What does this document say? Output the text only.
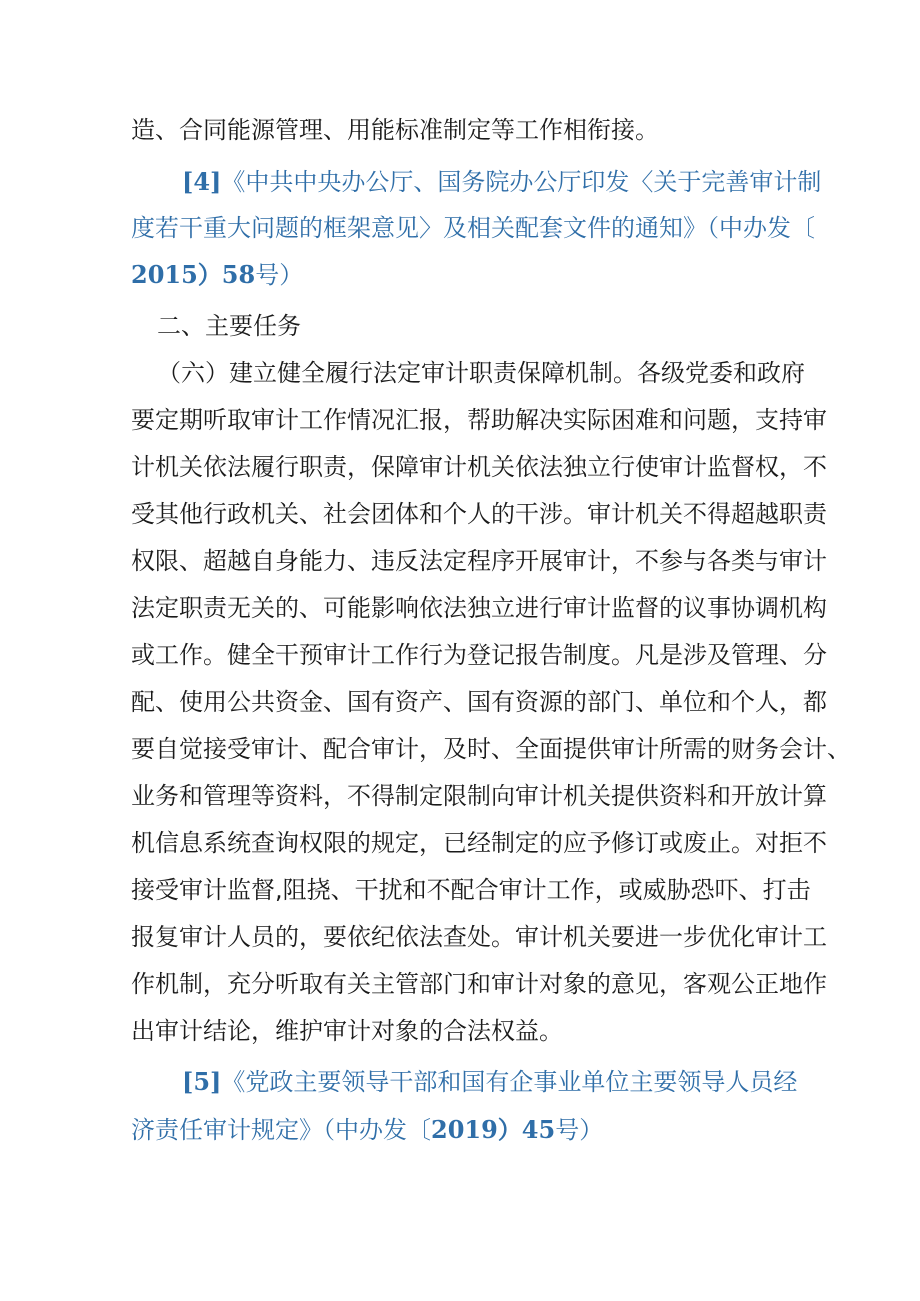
造、合同能源管理、用能标准制定等工作相衔接。
[4]《中共中央办公厅、国务院办公厅印发〈关于完善审计制
度若干重大问题的框架意见〉及相关配套文件的通知》（中办发〔
2015）58号）
二、主要任务
（六）建立健全履行法定审计职责保障机制。各级党委和政府
要定期听取审计工作情况汇报，帮助解决实际困难和问题，支持审
计机关依法履行职责，保障审计机关依法独立行使审计监督权，不
受其他行政机关、社会团体和个人的干涉。审计机关不得超越职责
权限、超越自身能力、违反法定程序开展审计，不参与各类与审计
法定职责无关的、可能影响依法独立进行审计监督的议事协调机构
或工作。健全干预审计工作行为登记报告制度。凡是涉及管理、分
配、使用公共资金、国有资产、国有资源的部门、单位和个人，都
要自觉接受审计、配合审计，及时、全面提供审计所需的财务会计、
业务和管理等资料，不得制定限制向审计机关提供资料和开放计算
机信息系统查询权限的规定，已经制定的应予修订或废止。对拒不
接受审计监督,阻挠、干扰和不配合审计工作，或威胁恐吓、打击
报复审计人员的，要依纪依法查处。审计机关要进一步优化审计工
作机制，充分听取有关主管部门和审计对象的意见，客观公正地作
出审计结论，维护审计对象的合法权益。
[5]《党政主要领导干部和国有企事业单位主要领导人员经
济责任审计规定》（中办发〔2019）45号）
